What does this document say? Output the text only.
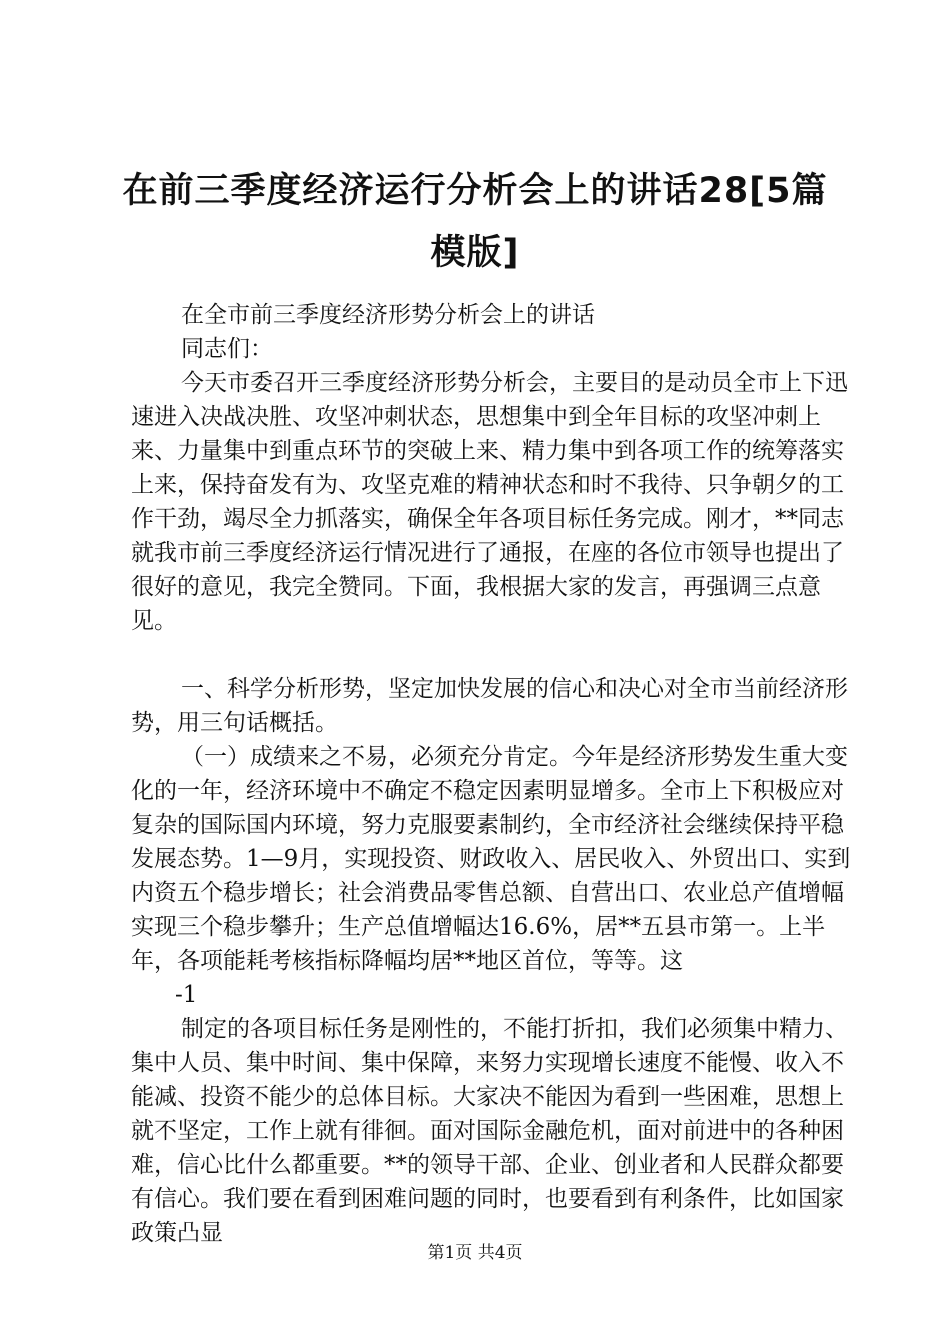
在前三季度经济运行分析会上的讲话28[5篇模版]

在全市前三季度经济形势分析会上的讲话

同志们：

今天市委召开三季度经济形势分析会，主要目的是动员全市上下迅速进入决战决胜、攻坚冲刺状态，思想集中到全年目标的攻坚冲刺上来、力量集中到重点环节的突破上来、精力集中到各项工作的统筹落实上来，保持奋发有为、攻坚克难的精神状态和时不我待、只争朝夕的工作干劲，竭尽全力抓落实，确保全年各项目标任务完成。刚才，**同志就我市前三季度经济运行情况进行了通报，在座的各位市领导也提出了很好的意见，我完全赞同。下面，我根据大家的发言，再强调三点意见。

一、科学分析形势，坚定加快发展的信心和决心对全市当前经济形势，用三句话概括。

（一）成绩来之不易，必须充分肯定。今年是经济形势发生重大变化的一年，经济环境中不确定不稳定因素明显增多。全市上下积极应对复杂的国际国内环境，努力克服要素制约，全市经济社会继续保持平稳发展态势。1—9月，实现投资、财政收入、居民收入、外贸出口、实到内资五个稳步增长；社会消费品零售总额、自营出口、农业总产值增幅实现三个稳步攀升；生产总值增幅达16.6%，居**五县市第一。上半年，各项能耗考核指标降幅均居**地区首位，等等。这

-1

制定的各项目标任务是刚性的，不能打折扣，我们必须集中精力、集中人员、集中时间、集中保障，来努力实现增长速度不能慢、收入不能减、投资不能少的总体目标。大家决不能因为看到一些困难，思想上就不坚定，工作上就有徘徊。面对国际金融危机，面对前进中的各种困难，信心比什么都重要。**的领导干部、企业、创业者和人民群众都要有信心。我们要在看到困难问题的同时，也要看到有利条件，比如国家政策凸显

第1页 共4页
